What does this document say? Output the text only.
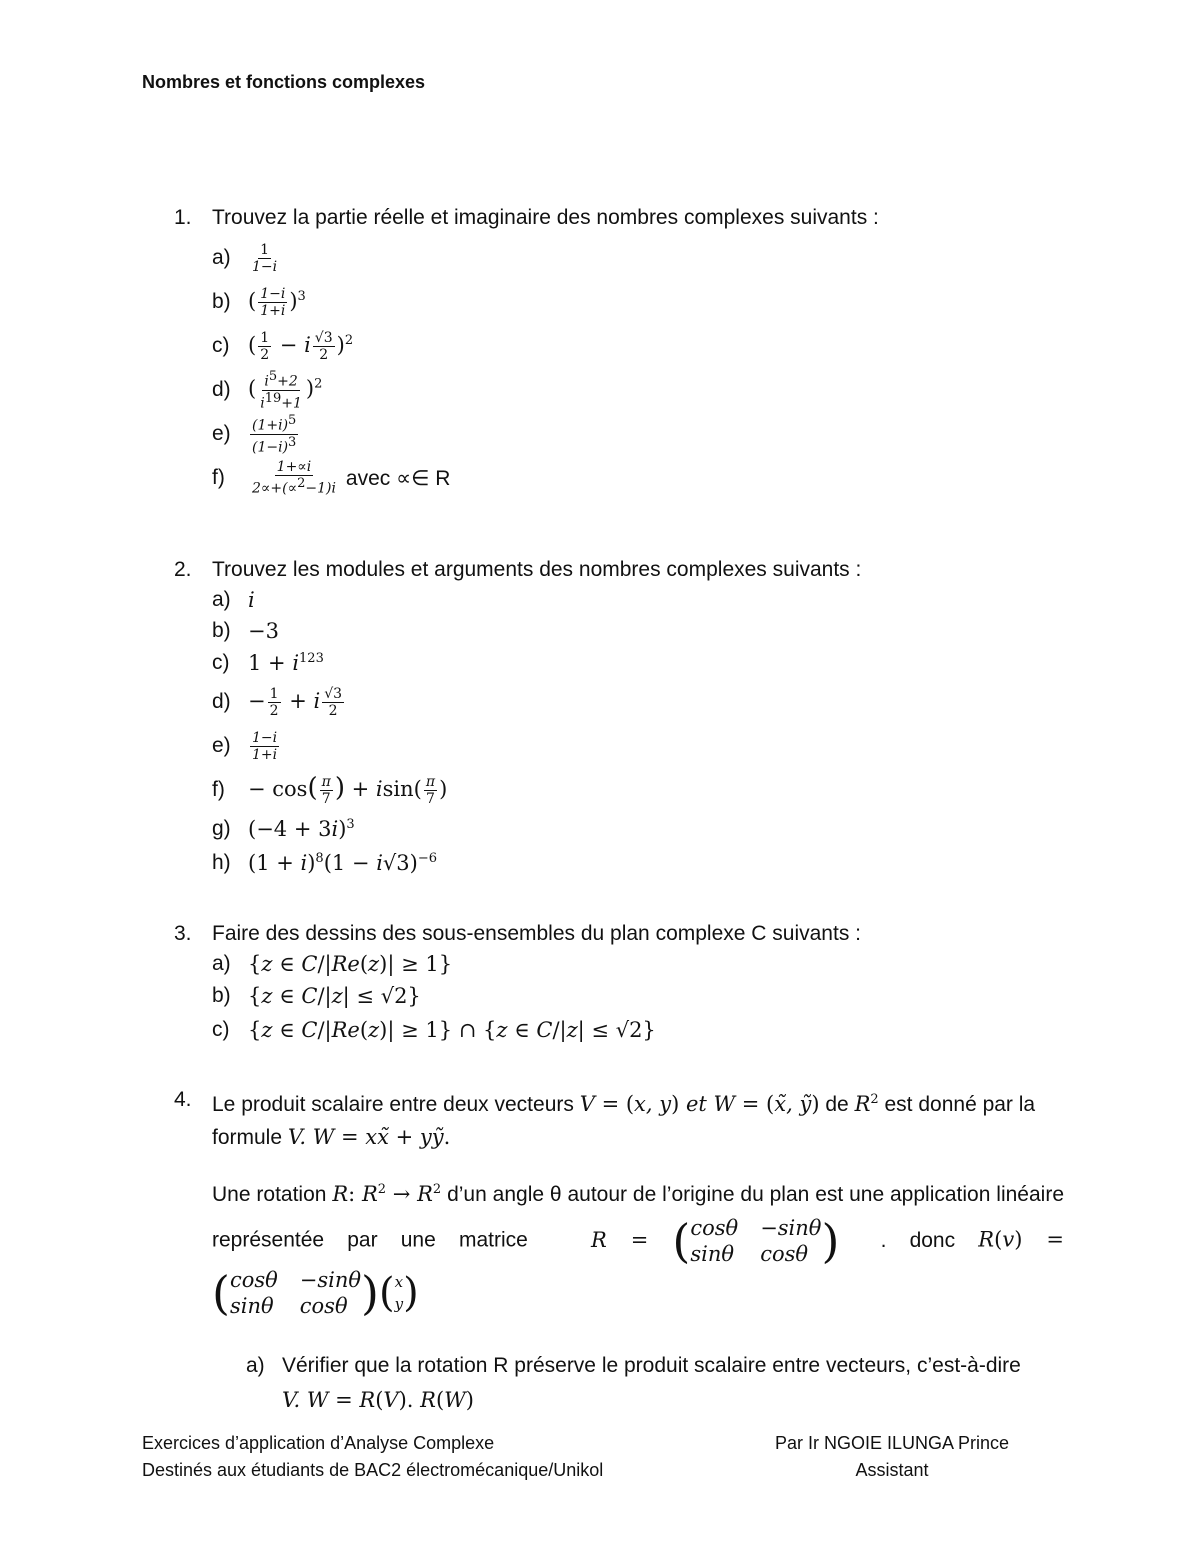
Nombres et fonctions complexes
1. Trouvez la partie réelle et imaginaire des nombres complexes suivants :
a)	$\frac{1}{1-i}$
b) ( $\frac{1-i}{1+i} )^3$
c) ( $\frac{1}{2} - i \frac{√3}{2} )^2$
d) ( $\frac{i^5+2}{i^{19}+1} )^2$
e)	$\frac{(1+i)^5}{(1-i)^3}$
f)	$\frac{1+\propto i}{2\propto+(\propto^2-1)i}$ avec ∝∈ R
2. Trouvez les modules et arguments des nombres complexes suivants :
a) i
b) −3
c) $1 + i^{123}$
$d) - \frac{1}{2} + i \frac{√3}{2}$
e)	$\frac{1-i}{1+i}$
f)	− $\cos( \frac{\pi}{7}$ ) + $isin( \frac{\pi}{7}$ )
g) $(-4 + 3i)^3$
h) $(1 + i)^8(1 - i√3)^{-6}$
3. Faire des dessins des sous-ensembles du plan complexe C suivants :
a) {z ∈ C/|Re(z)| ≥ 1}
b) {z ∈ C/|z| ≤ √2}
c) {z ∈ C/|Re(z)| ≥ 1} ∩ {z ∈ C/|z| ≤ √2}
4. Le produit scalaire entre deux vecteurs V = (x, y) et W = (x̃, ỹ) de $R^2$ est donné par la formule V. W = xx̃ + yỹ.
Une rotation R: $R^2 \to R^2$ d’un angle θ autour de l’origine du plan est une application linéaire représentée par une matrice	R = ( cosθ −sinθ
sinθ cosθ ) . donc R(v) =
( cosθ −sinθ
sinθ cosθ ) ( x
y )
a) Vérifier que la rotation R préserve le produit scalaire entre vecteurs, c’est-à-dire
V. W = R(V). R(W)
Exercices d’application d’Analyse Complexe
Destinés aux étudiants de BAC2 électromécanique/Unikol
Par Ir NGOIE ILUNGA Prince
Assistant
